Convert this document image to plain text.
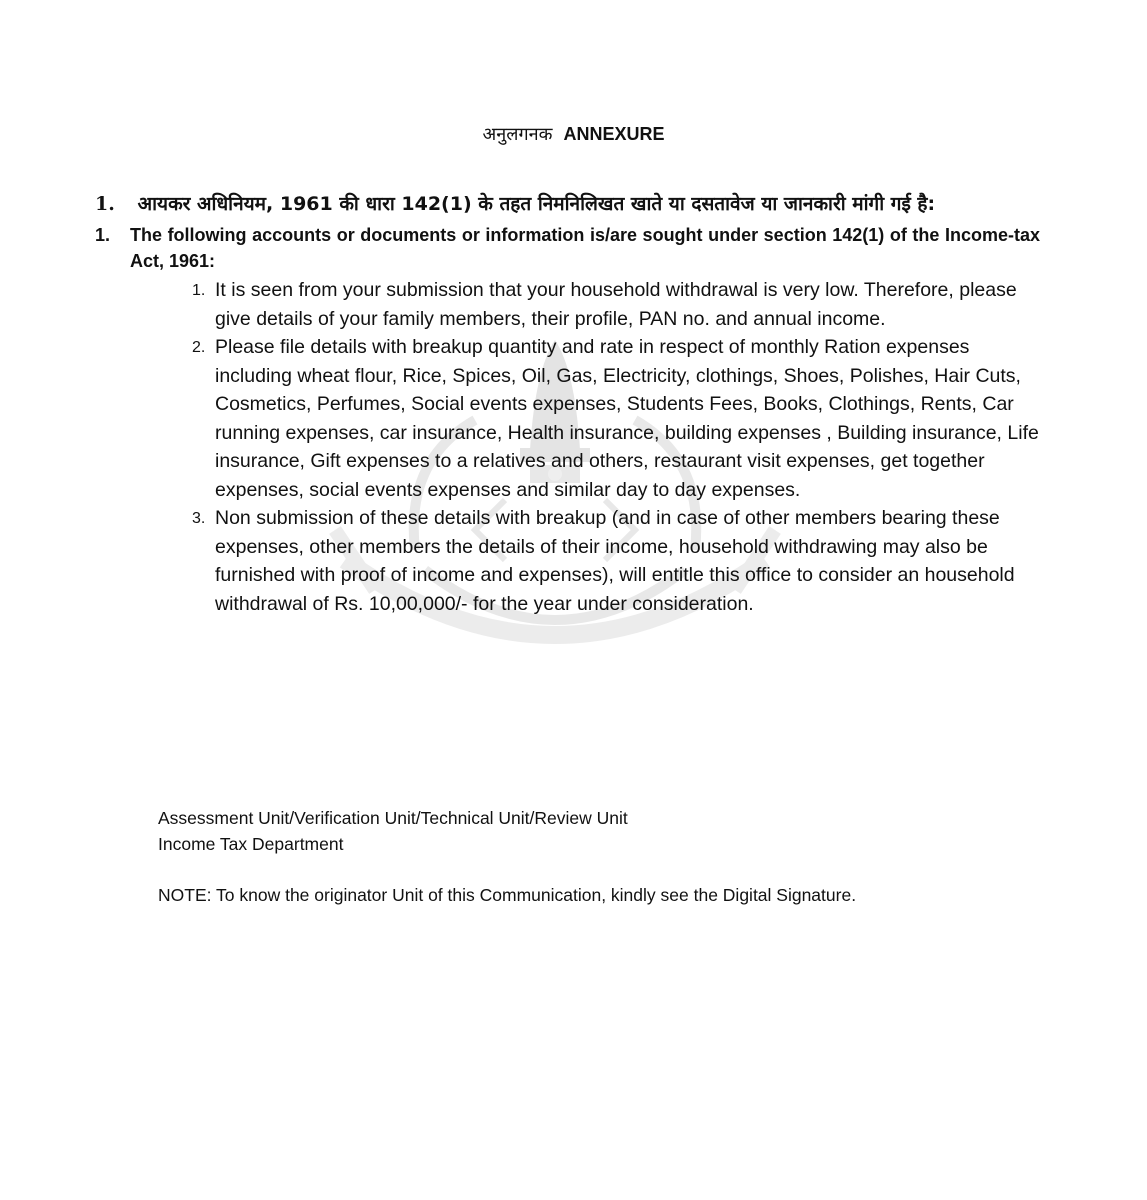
अनुलगनक ANNEXURE
1. आयकर अधिनियम, 1961 की धारा 142(1) के तहत निमनिलिखत खाते या दसतावेज या जानकारी मांगी गई है:
1. The following accounts or documents or information is/are sought under section 142(1) of the Income-tax Act, 1961:
1. It is seen from your submission that your household withdrawal is very low. Therefore, please give details of your family members, their profile, PAN no. and annual income.
2. Please file details with breakup quantity and rate in respect of monthly Ration expenses including wheat flour, Rice, Spices, Oil, Gas, Electricity, clothings, Shoes, Polishes, Hair Cuts, Cosmetics, Perfumes, Social events expenses, Students Fees, Books, Clothings, Rents, Car running expenses, car insurance, Health insurance, building expenses , Building insurance, Life insurance, Gift expenses to a relatives and others, restaurant visit expenses, get together expenses, social events expenses and similar day to day expenses.
3. Non submission of these details with breakup (and in case of other members bearing these expenses, other members the details of their income, household withdrawing may also be furnished with proof of income and expenses), will entitle this office to consider an household withdrawal of Rs. 10,00,000/- for the year under consideration.
Assessment Unit/Verification Unit/Technical Unit/Review Unit
Income Tax Department
NOTE: To know the originator Unit of this Communication, kindly see the Digital Signature.
